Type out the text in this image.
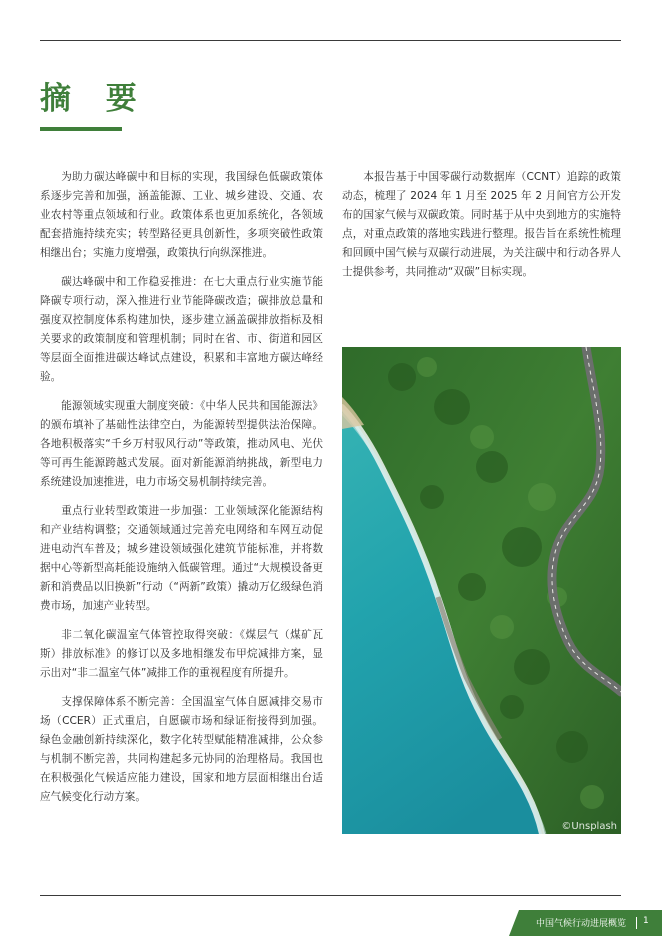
摘 要

为助力碳达峰碳中和目标的实现，我国绿色低碳政策体系逐步完善和加强，涵盖能源、工业、城乡建设、交通、农业农村等重点领域和行业。政策体系也更加系统化，各领域配套措施持续充实；转型路径更具创新性，多项突破性政策相继出台；实施力度增强，政策执行向纵深推进。

碳达峰碳中和工作稳妥推进：在七大重点行业实施节能降碳专项行动，深入推进行业节能降碳改造；碳排放总量和强度双控制度体系构建加快，逐步建立涵盖碳排放指标及相关要求的政策制度和管理机制；同时在省、市、街道和园区等层面全面推进碳达峰试点建设，积累和丰富地方碳达峰经验。

能源领域实现重大制度突破：《中华人民共和国能源法》的颁布填补了基础性法律空白，为能源转型提供法治保障。各地积极落实“千乡万村驭风行动”等政策，推动风电、光伏等可再生能源跨越式发展。面对新能源消纳挑战，新型电力系统建设加速推进，电力市场交易机制持续完善。

重点行业转型政策进一步加强：工业领域深化能源结构和产业结构调整；交通领域通过完善充电网络和车网互动促进电动汽车普及；城乡建设领域强化建筑节能标准，并将数据中心等新型高耗能设施纳入低碳管理。通过“大规模设备更新和消费品以旧换新”行动（“两新”政策）撬动万亿级绿色消费市场，加速产业转型。

非二氧化碳温室气体管控取得突破：《煤层气（煤矿瓦斯）排放标准》的修订以及多地相继发布甲烷减排方案，显示出对“非二温室气体”减排工作的重视程度有所提升。

支撑保障体系不断完善：全国温室气体自愿减排交易市场（CCER）正式重启，自愿碳市场和绿证衔接得到加强。绿色金融创新持续深化，数字化转型赋能精准减排，公众参与机制不断完善，共同构建起多元协同的治理格局。我国也在积极强化气候适应能力建设，国家和地方层面相继出台适应气候变化行动方案。

本报告基于中国零碳行动数据库（CCNT）追踪的政策动态，梳理了 2024 年 1 月至 2025 年 2 月间官方公开发布的国家气候与双碳政策。同时基于从中央到地方的实施特点，对重点政策的落地实践进行整理。报告旨在系统性梳理和回顾中国气候与双碳行动进展，为关注碳中和行动各界人士提供参考，共同推动“双碳”目标实现。

©Unsplash
中国气候行动进展概览 1
